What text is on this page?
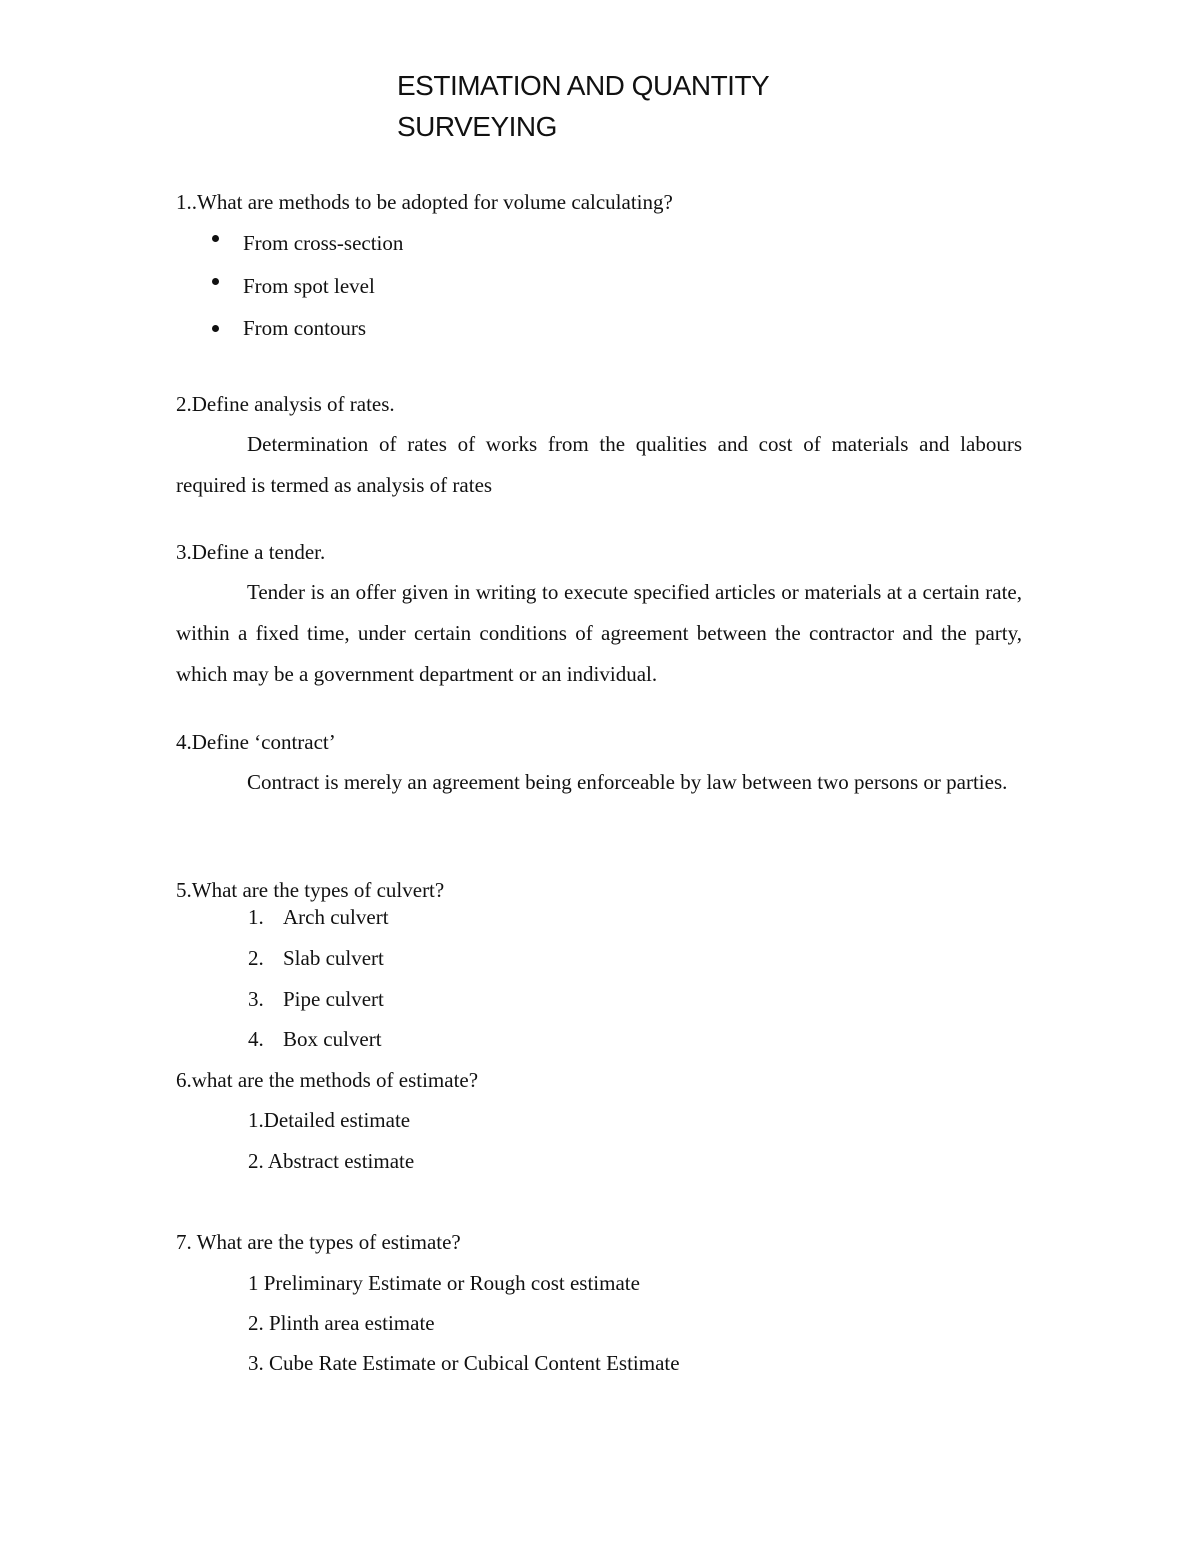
ESTIMATION AND QUANTITY
SURVEYING
1..What are methods to be adopted for volume calculating?
From cross-section
From spot level
From contours
2.Define analysis of rates.
Determination of rates of works from the qualities and cost of materials and labours required is termed as analysis of rates
3.Define a tender.
Tender is an offer given in writing to execute specified articles or materials at a certain rate, within a fixed time, under certain conditions of agreement between the contractor and the party, which may be a government department or an individual.
4.Define ‘contract’
Contract is merely an agreement being enforceable by law between two persons or parties.
5.What are the types of culvert?
1. Arch culvert
2. Slab culvert
3. Pipe culvert
4. Box culvert
6.what are the methods of estimate?
1.Detailed estimate
2. Abstract estimate
7. What are the types of estimate?
1 Preliminary Estimate or Rough cost estimate
2. Plinth area estimate
3. Cube Rate Estimate or Cubical Content Estimate
